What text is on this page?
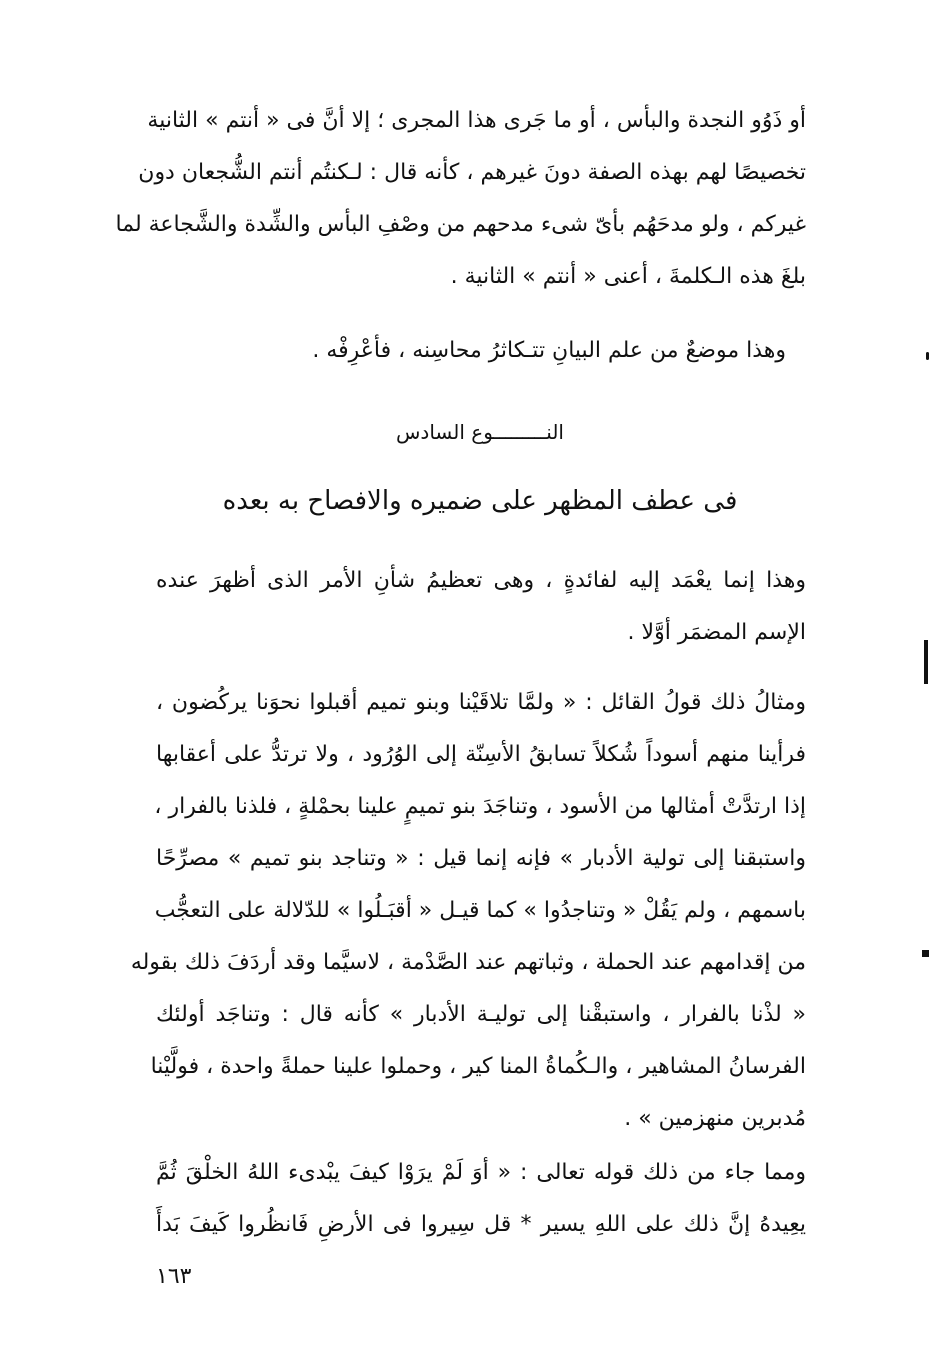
أو ذَوُو النجدة والبأس ، أو ما جَرى هذا المجرى ؛ إلا أنَّ فى « أنتم » الثانية
تخصيصًا لهم بهذه الصفة دونَ غيرهم ، كأنه قال : لـكنتُم أنتم الشُّجعان دون
غيركم ، ولو مدحَهُم بأىّ شىء مدحهم من وصْفِ البأس والشِّدة والشَّجاعة لما
بلغَ هذه الـكلمةَ ، أعنى « أنتم » الثانية .
وهذا موضعٌ من علم البيانِ تتـكاثرُ محاسِنه ، فأعْرِفْه .
النـــــــــوع السادس
فى عطف المظهر على ضميره والافصاح به بعده
وهذا إنما يعْمَد إليه لفائدةٍ ، وهى تعظيمُ شأنِ الأمر الذى أظهرَ عنده
الإسم المضمَر أوَّلا .
ومثالُ ذلك قولُ القائل : « ولمَّا تلاقَيْنا وبنو تميم أقبلوا نحوَنا يركُضون ،
فرأينا منهم أسوداً شُكلاً تسابقُ الأسِنّة إلى الوُرُود ، ولا ترتدُّ على أعقابها
إذا ارتدَّتْ أمثالها من الأسود ، وتناجَدَ بنو تميمٍ علينا بحمْلةٍ ، فلذنا بالفرار ،
واستبقنا إلى تولية الأدبار » فإنه إنما قيل : « وتناجد بنو تميم » مصرِّحًا
باسمهم ، ولم يَقُلْ « وتناجدُوا » كما قيـل « أقبَـلُوا » للدّلالة على التعجُّب
من إقدامهم عند الحملة ، وثباتهم عند الصَّدْمة ، لاسيَّما وقد أردَفَ ذلك بقوله
« لذْنا بالفرار ، واستبقْنا إلى توليـة الأدبار » كأنه قال : وتناجَد أولئك
الفرسانُ المشاهير ، والـكُماةُ المنا كير ، وحملوا علينا حملةً واحدة ، فولَّيْنا
مُدبرين منهزمين » .
ومما جاء من ذلك قوله تعالى : « أوَ لَمْ يرَوْا كيفَ يبْدىء اللهُ الخلْقَ ثُمَّ
يعِيدهُ إنَّ ذلك على اللهِ يسير * قل سِيروا فى الأرضِ فَانظُروا كَيفَ بَدأَ
١٦٣
